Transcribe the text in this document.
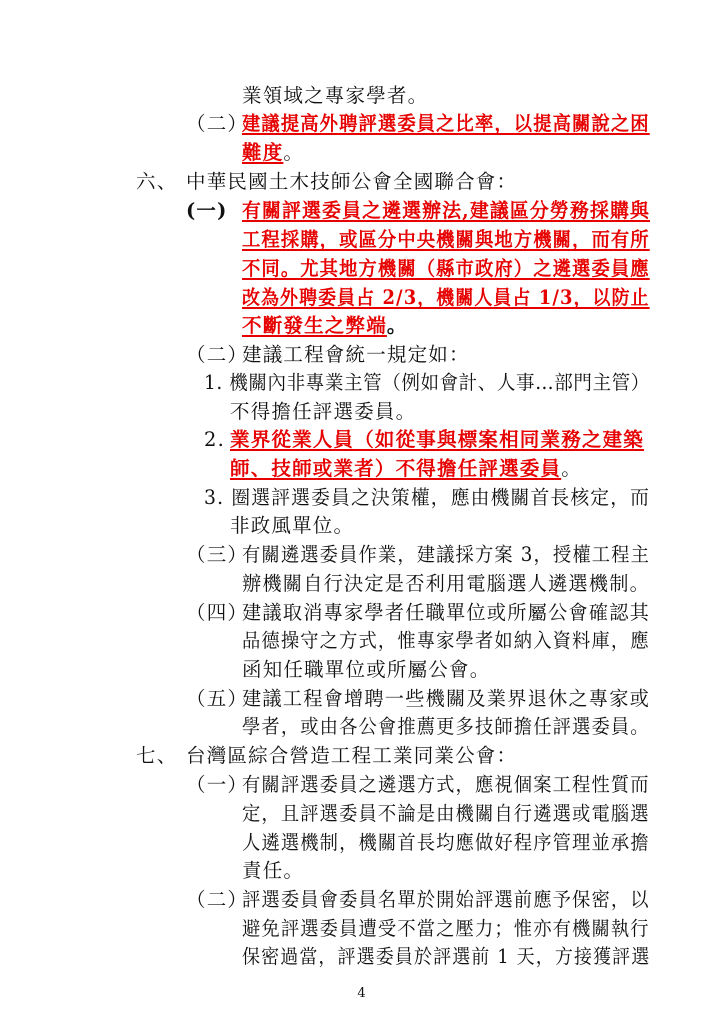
業領域之專家學者。
（二）
建議提高外聘評選委員之比率，以提高關說之困
難度。
六、 中華民國土木技師公會全國聯合會：
(一) 有關評選委員之遴選辦法,建議區分勞務採購與
工程採購，或區分中央機關與地方機關，而有所
不同。尤其地方機關（縣市政府）之遴選委員應
改為外聘委員占 2/3，機關人員占 1/3，以防止
不斷發生之弊端。
（二）
建議工程會統一規定如：
1. 機關內非專業主管（例如會計、人事…部門主管）
不得擔任評選委員。
2. 業界從業人員（如從事與標案相同業務之建築
師、技師或業者）不得擔任評選委員。
3. 圈選評選委員之決策權，應由機關首長核定，而
非政風單位。
（三）
有關遴選委員作業，建議採方案 3，授權工程主
辦機關自行決定是否利用電腦選人遴選機制。
（四）
建議取消專家學者任職單位或所屬公會確認其
品德操守之方式，惟專家學者如納入資料庫，應
函知任職單位或所屬公會。
（五）
建議工程會增聘一些機關及業界退休之專家或
學者，或由各公會推薦更多技師擔任評選委員。
七、 台灣區綜合營造工程工業同業公會：
（一）
有關評選委員之遴選方式，應視個案工程性質而
定，且評選委員不論是由機關自行遴選或電腦選
人遴選機制，機關首長均應做好程序管理並承擔
責任。
（二）
評選委員會委員名單於開始評選前應予保密，以
避免評選委員遭受不當之壓力；惟亦有機關執行
保密過當，評選委員於評選前 1 天，方接獲評選
4
